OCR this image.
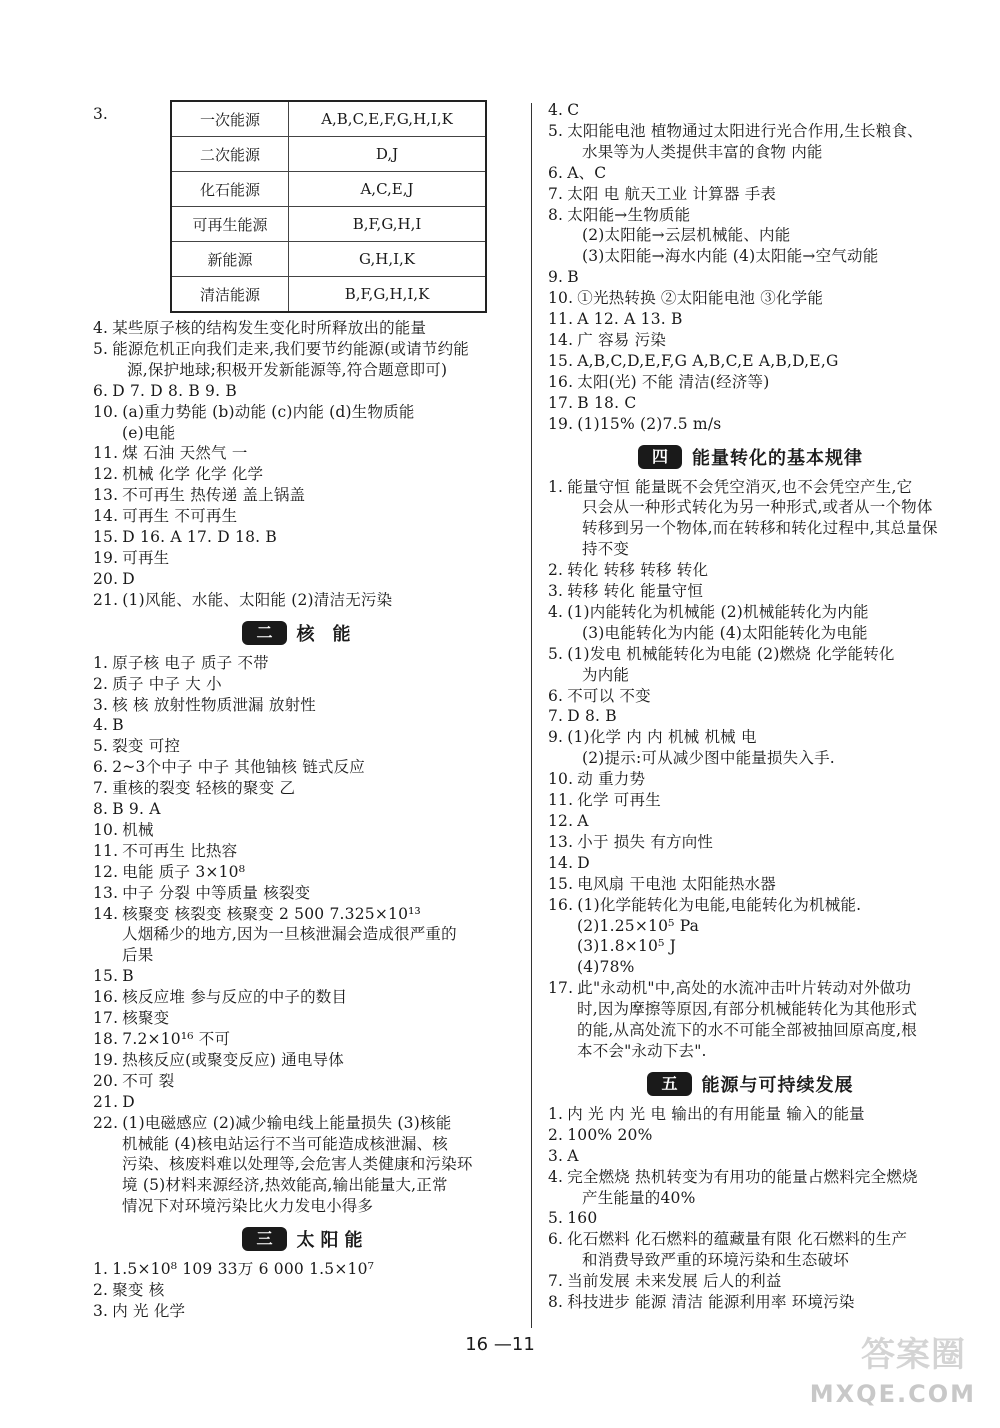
3.	一次能源	A,B,C,E,F,G,H,I,K
二次能源	D,J
化石能源	A,C,E,J
可再生能源	B,F,G,H,I
新能源	G,H,I,K
清洁能源	B,F,G,H,I,K
4. 某些原子核的结构发生变化时所释放出的能量
5. 能源危机正向我们走来,我们要节约能源(或请节约能
源,保护地球;积极开发新能源等,符合题意即可)
6. D 7. D 8. B 9. B
10. (a)重力势能 (b)动能 (c)内能 (d)生物质能
(e)电能
11. 煤 石油 天然气 一
12. 机械 化学 化学 化学
13. 不可再生 热传递 盖上锅盖
14. 可再生 不可再生
15. D 16. A 17. D 18. B
19. 可再生
20. D
21. (1)风能、水能、太阳能 (2)清洁无污染
二	核能
1. 原子核 电子 质子 不带
2. 质子 中子 大 小
3. 核 核 放射性物质泄漏 放射性
4. B
5. 裂变 可控
6. 2~3个中子 中子 其他铀核 链式反应
7. 重核的裂变 轻核的聚变 乙
8. B 9. A
10. 机械
11. 不可再生 比热容
12. 电能 质子 3×10⁸
13. 中子 分裂 中等质量 核裂变
14. 核聚变 核裂变 核聚变 2 500 7.325×10¹³
人烟稀少的地方,因为一旦核泄漏会造成很严重的
后果
15. B
16. 核反应堆 参与反应的中子的数目
17. 核聚变
18. 7.2×10¹⁶ 不可
19. 热核反应(或聚变反应) 通电导体
20. 不可 裂
21. D
22. (1)电磁感应 (2)减少输电线上能量损失 (3)核能
机械能 (4)核电站运行不当可能造成核泄漏、核
污染、核废料难以处理等,会危害人类健康和污染环
境 (5)材料来源经济,热效能高,输出能量大,正常
情况下对环境污染比火力发电小得多
三	太阳能
1. 1.5×10⁸ 109 33万 6 000 1.5×10⁷
2. 聚变 核
3. 内 光 化学
4. C
5. 太阳能电池 植物通过太阳进行光合作用,生长粮食、
水果等为人类提供丰富的食物 内能
6. A、C
7. 太阳 电 航天工业 计算器 手表
8. 太阳能→生物质能
(2)太阳能→云层机械能、内能
(3)太阳能→海水内能 (4)太阳能→空气动能
9. B
10. ①光热转换 ②太阳能电池 ③化学能
11. A 12. A 13. B
14. 广 容易 污染
15. A,B,C,D,E,F,G A,B,C,E A,B,D,E,G
16. 太阳(光) 不能 清洁(经济等)
17. B 18. C
19. (1)15% (2)7.5 m/s
四	能量转化的基本规律
1. 能量守恒 能量既不会凭空消灭,也不会凭空产生,它
只会从一种形式转化为另一种形式,或者从一个物体
转移到另一个物体,而在转移和转化过程中,其总量保
持不变
2. 转化 转移 转移 转化
3. 转移 转化 能量守恒
4. (1)内能转化为机械能 (2)机械能转化为内能
(3)电能转化为内能 (4)太阳能转化为电能
5. (1)发电 机械能转化为电能 (2)燃烧 化学能转化
为内能
6. 不可以 不变
7. D 8. B
9. (1)化学 内 内 机械 机械 电
(2)提示:可从减少图中能量损失入手.
10. 动 重力势
11. 化学 可再生
12. A
13. 小于 损失 有方向性
14. D
15. 电风扇 干电池 太阳能热水器
16. (1)化学能转化为电能,电能转化为机械能.
(2)1.25×10⁵ Pa
(3)1.8×10⁵ J
(4)78%
17. 此"永动机"中,高处的水流冲击叶片转动对外做功
时,因为摩擦等原因,有部分机械能转化为其他形式
的能,从高处流下的水不可能全部被抽回原高度,根
本不会"永动下去".
五	能源与可持续发展
1. 内 光 内 光 电 输出的有用能量 输入的能量
2. 100% 20%
3. A
4. 完全燃烧 热机转变为有用功的能量占燃料完全燃烧
产生能量的40%
5. 160
6. 化石燃料 化石燃料的蕴藏量有限 化石燃料的生产
和消费导致严重的环境污染和生态破坏
7. 当前发展 未来发展 后人的利益
8. 科技进步 能源 清洁 能源利用率 环境污染
16 —11	答案圈
MXQE.COM
